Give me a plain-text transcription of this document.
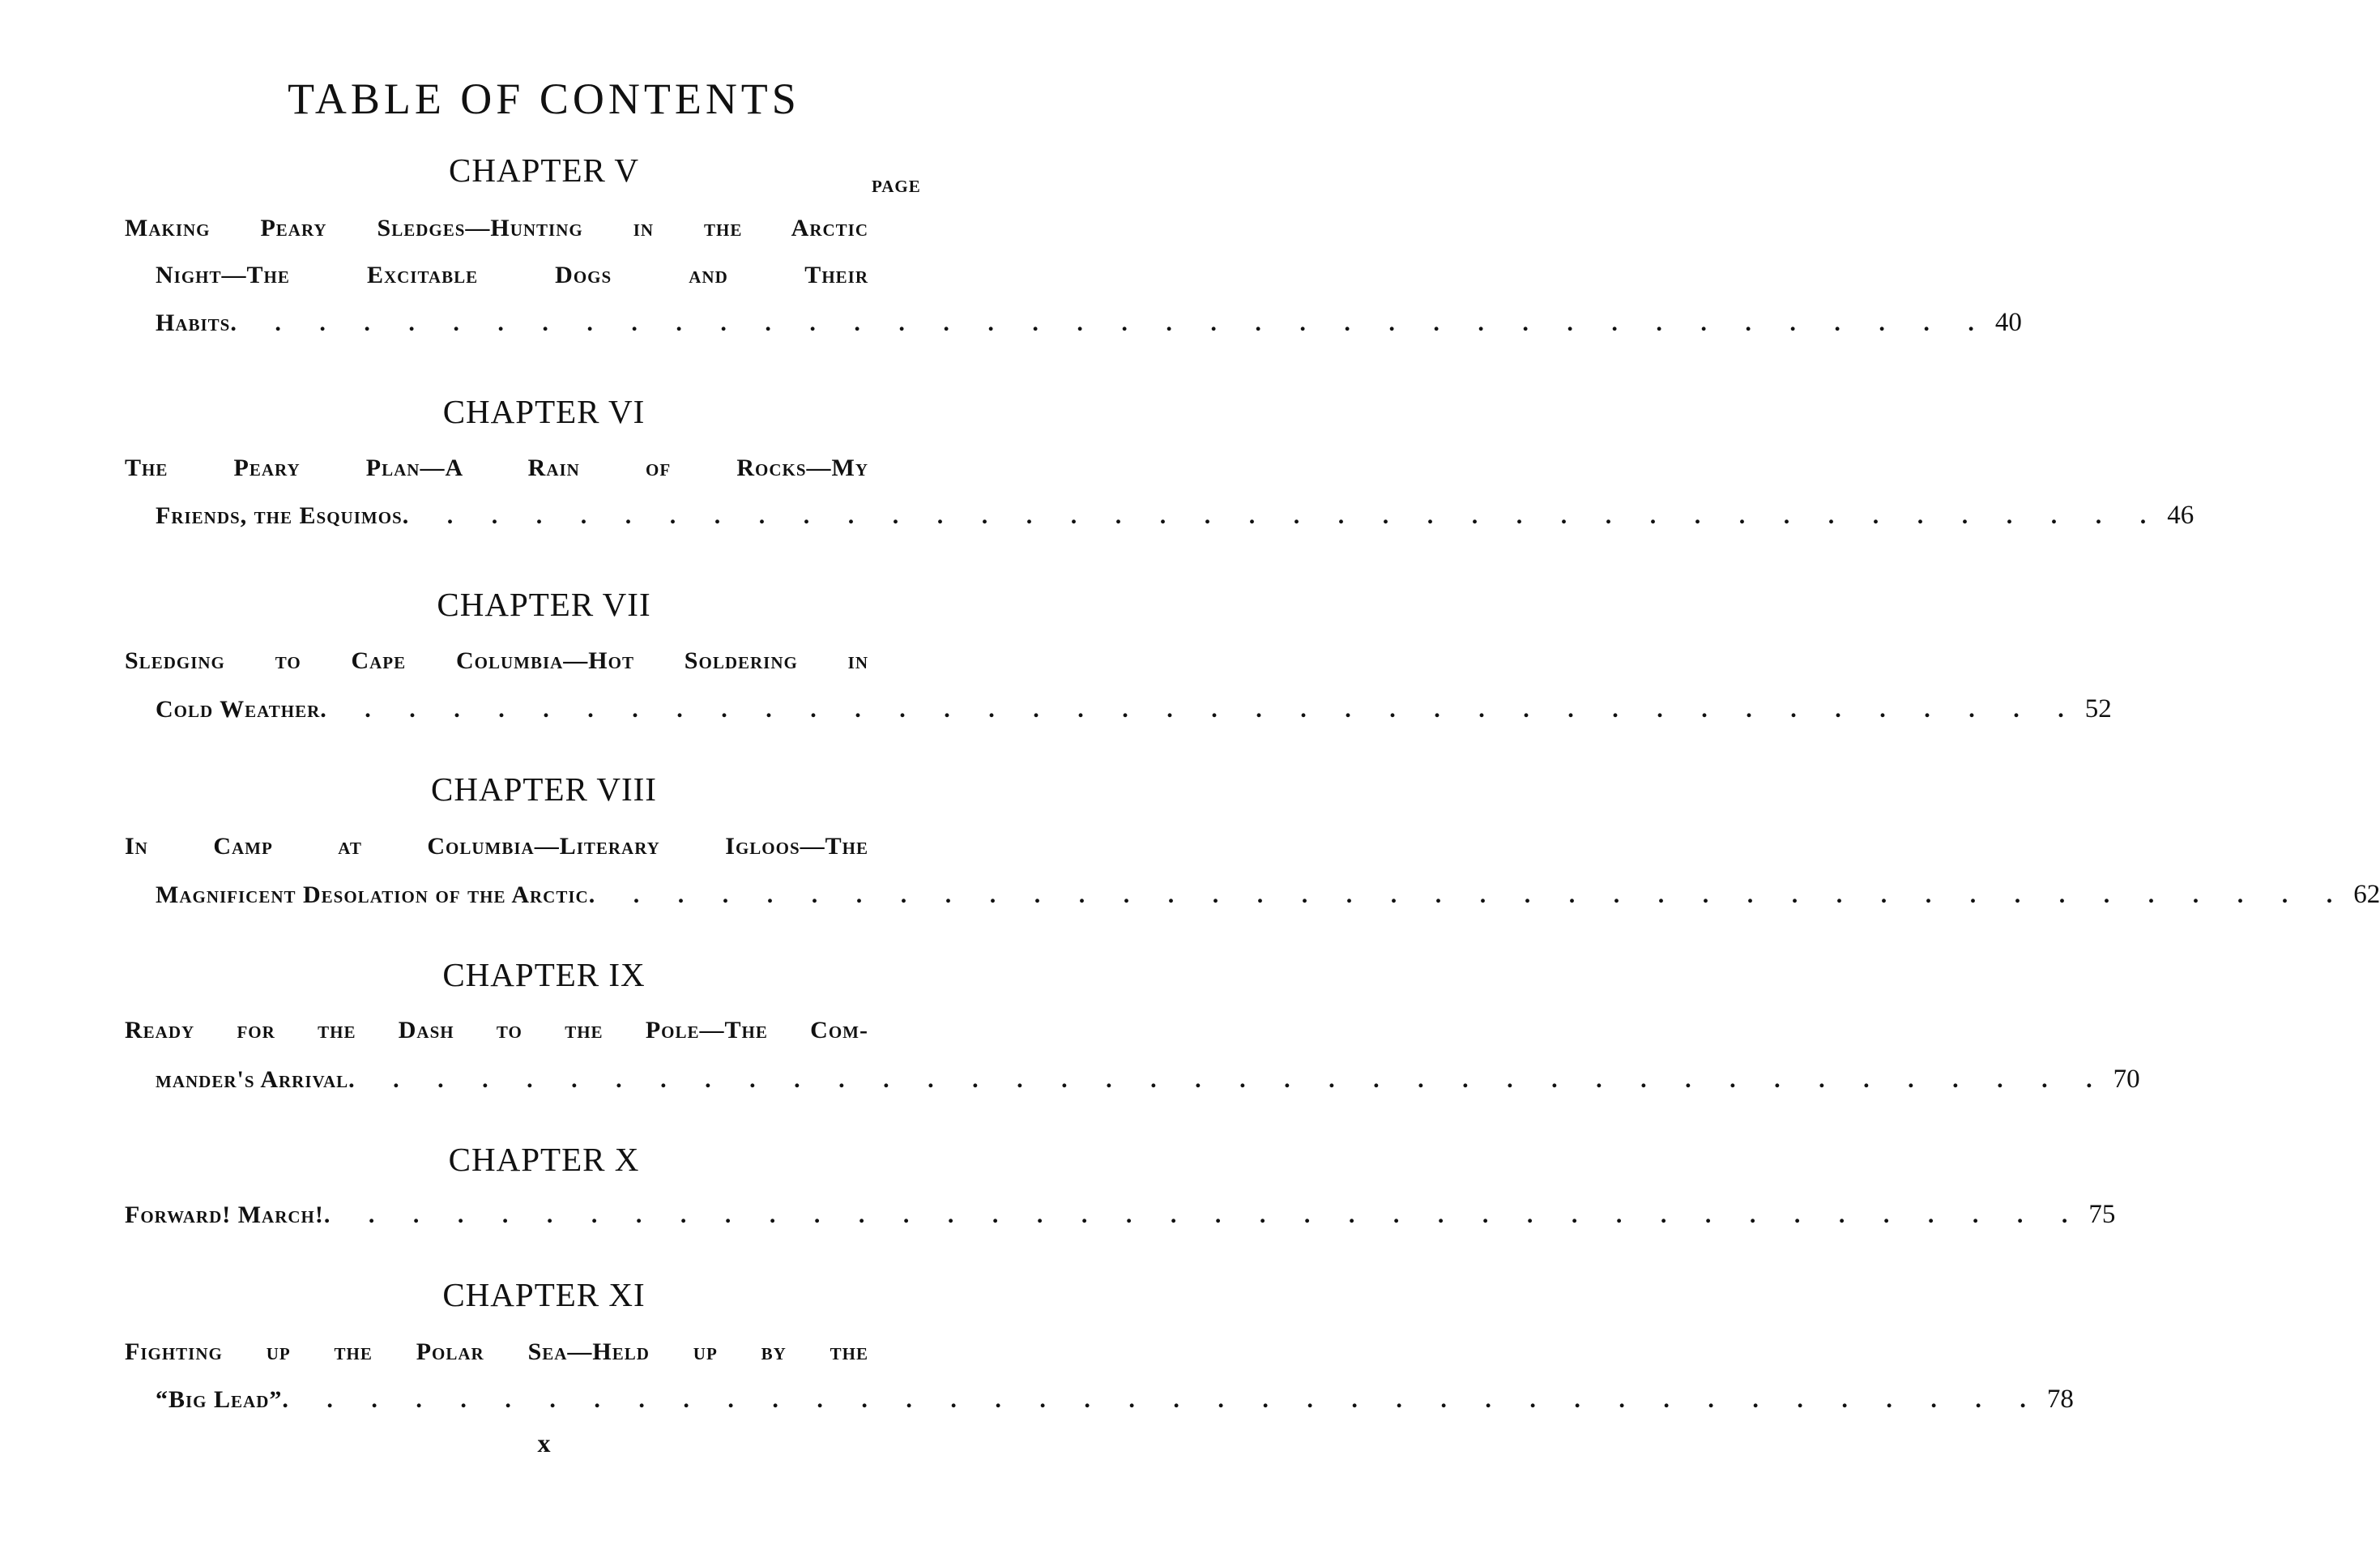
TABLE OF CONTENTS
CHAPTER V	PAGE
Making Peary Sledges—Hunting in the Arctic
Night—The Excitable Dogs and Their
Habits . . . . . . . . . . . . . . . . . . . . . . . . . . . . . . . . . . . . . . . . 40
CHAPTER VI
The Peary Plan—A Rain of Rocks—My
Friends, the Esquimos . . . . . . . . . . . . . . . . . . . . . . . . . . . . . . . . . . . . . . . . 46
CHAPTER VII
Sledging to Cape Columbia—Hot Soldering in
Cold Weather . . . . . . . . . . . . . . . . . . . . . . . . . . . . . . . . . . . . . . . . 52
CHAPTER VIII
In Camp at Columbia—Literary Igloos—The
Magnificent Desolation of the Arctic . . . . . . . . . . . . . . . . . . . . . . . . . . . . . . . . . . . . . . . . 62
CHAPTER IX
Ready for the Dash to the Pole—The Com-
mander's Arrival . . . . . . . . . . . . . . . . . . . . . . . . . . . . . . . . . . . . . . . . 70
CHAPTER X
Forward! March! . . . . . . . . . . . . . . . . . . . . . . . . . . . . . . . . . . . . . . . . 75
CHAPTER XI
Fighting up the Polar Sea—Held up by the
“Big Lead” . . . . . . . . . . . . . . . . . . . . . . . . . . . . . . . . . . . . . . . . 78
x
